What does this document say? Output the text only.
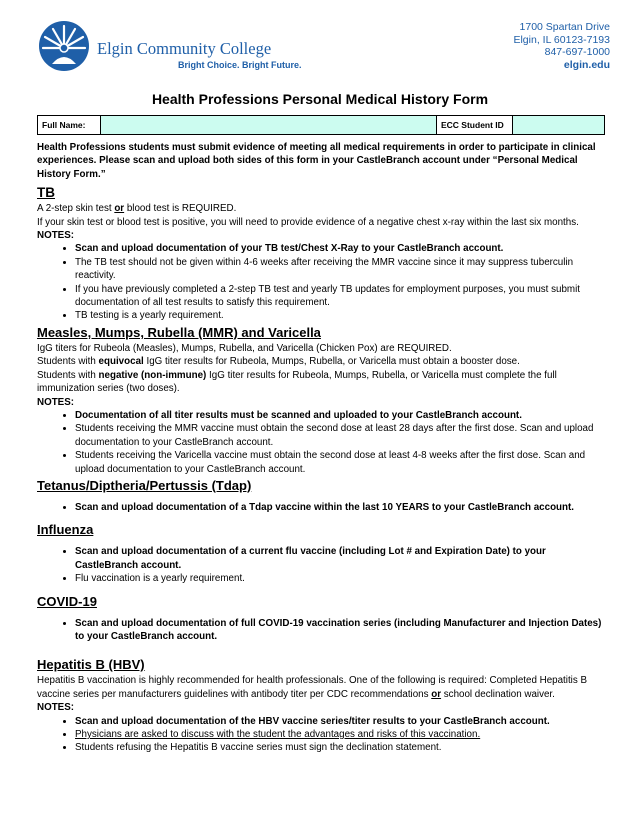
Elgin Community College
Bright Choice. Bright Future.
1700 Spartan Drive
Elgin, IL 60123-7193
847-697-1000
elgin.edu
Health Professions Personal Medical History Form
Full Name:	ECC Student ID

Health Professions students must submit evidence of meeting all medical requirements in order to participate in clinical experiences. Please scan and upload both sides of this form in your CastleBranch account under “Personal Medical History Form.”

TB

A 2-step skin test or blood test is REQUIRED.

If your skin test or blood test is positive, you will need to provide evidence of a negative chest x-ray within the last six months.

NOTES:

• Scan and upload documentation of your TB test/Chest X-Ray to your CastleBranch account.
• The TB test should not be given within 4-6 weeks after receiving the MMR vaccine since it may suppress tuberculin reactivity.
• If you have previously completed a 2-step TB test and yearly TB updates for employment purposes, you must submit documentation of all test results to satisfy this requirement.
• TB testing is a yearly requirement.
Measles, Mumps, Rubella (MMR) and Varicella

IgG titers for Rubeola (Measles), Mumps, Rubella, and Varicella (Chicken Pox) are REQUIRED.

Students with equivocal IgG titer results for Rubeola, Mumps, Rubella, or Varicella must obtain a booster dose.

Students with negative (non-immune) IgG titer results for Rubeola, Mumps, Rubella, or Varicella must complete the full immunization series (two doses).

NOTES:

• Documentation of all titer results must be scanned and uploaded to your CastleBranch account.
• Students receiving the MMR vaccine must obtain the second dose at least 28 days after the first dose. Scan and upload documentation to your CastleBranch account.
• Students receiving the Varicella vaccine must obtain the second dose at least 4-8 weeks after the first dose. Scan and upload documentation to your CastleBranch account.
Tetanus/Diptheria/Pertussis (Tdap)
• Scan and upload documentation of a Tdap vaccine within the last 10 YEARS to your CastleBranch account.
Influenza
• Scan and upload documentation of a current flu vaccine (including Lot # and Expiration Date) to your CastleBranch account.
• Flu vaccination is a yearly requirement.
COVID-19
• Scan and upload documentation of full COVID-19 vaccination series (including Manufacturer and Injection Dates) to your CastleBranch account.
Hepatitis B (HBV)

Hepatitis B vaccination is highly recommended for health professionals. One of the following is required: Completed Hepatitis B vaccine series per manufacturers guidelines with antibody titer per CDC recommendations or school declination waiver.

NOTES:

• Scan and upload documentation of the HBV vaccine series/titer results to your CastleBranch account.
• Physicians are asked to discuss with the student the advantages and risks of this vaccination.
• Students refusing the Hepatitis B vaccine series must sign the declination statement.
